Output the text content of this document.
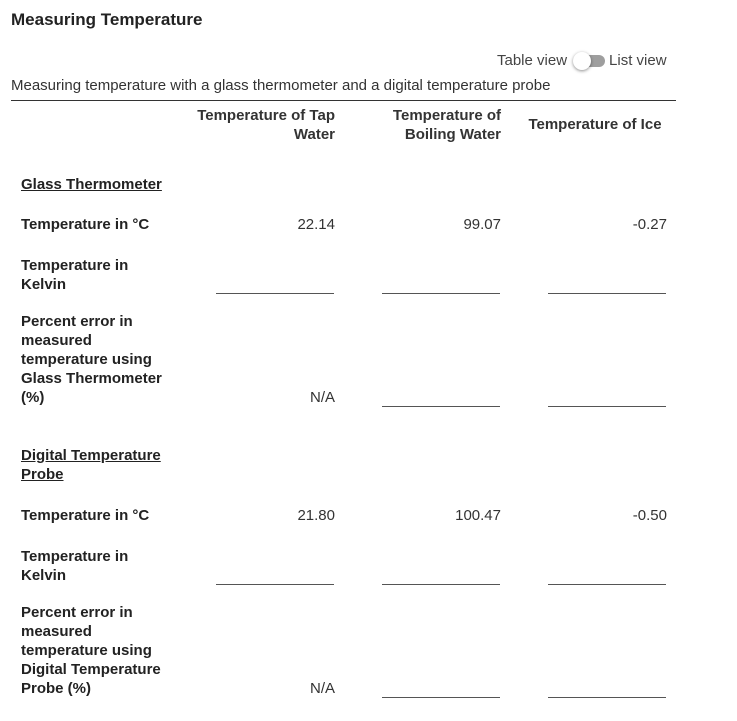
Measuring Temperature
Table view	List view
Measuring temperature with a glass thermometer and a digital temperature probe
Temperature of Tap
Water
Temperature of
Boiling Water
Temperature of Ice
Glass Thermometer
Temperature in °C	22.14	99.07	-0.27
Temperature in
Kelvin
Percent error in
measured
temperature using
Glass Thermometer
(%)	N/A
Digital Temperature
Probe
Temperature in °C	21.80	100.47	-0.50
Temperature in
Kelvin
Percent error in
measured
temperature using
Digital Temperature
Probe (%)	N/A
